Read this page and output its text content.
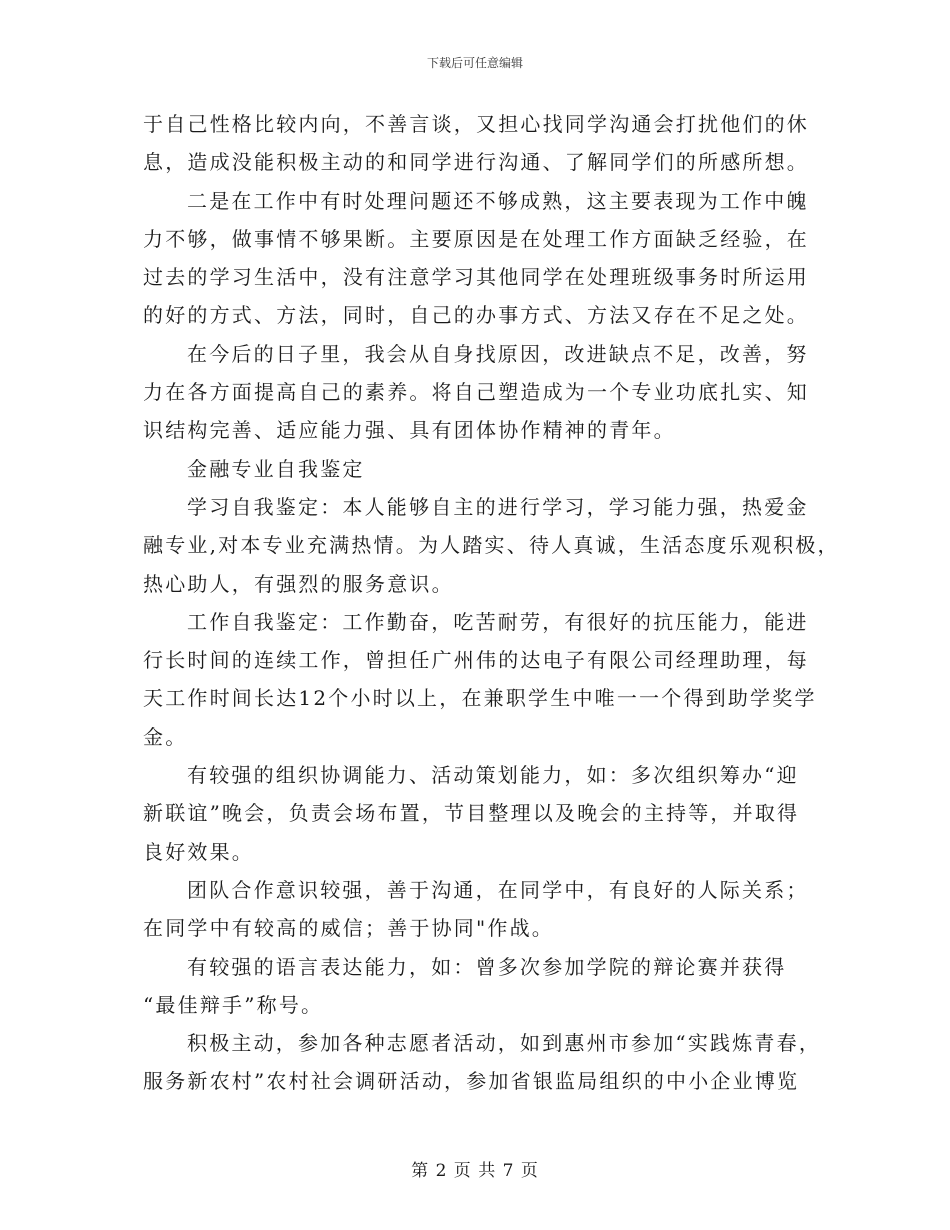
下载后可任意编辑
于自己性格比较内向，不善言谈，又担心找同学沟通会打扰他们的休
息，造成没能积极主动的和同学进行沟通、了解同学们的所感所想。
二是在工作中有时处理问题还不够成熟，这主要表现为工作中魄
力不够，做事情不够果断。主要原因是在处理工作方面缺乏经验，在
过去的学习生活中，没有注意学习其他同学在处理班级事务时所运用
的好的方式、方法，同时，自己的办事方式、方法又存在不足之处。
在今后的日子里，我会从自身找原因，改进缺点不足，改善，努
力在各方面提高自己的素养。将自己塑造成为一个专业功底扎实、知
识结构完善、适应能力强、具有团体协作精神的青年。
金融专业自我鉴定
学习自我鉴定：本人能够自主的进行学习，学习能力强，热爱金
融专业,对本专业充满热情。为人踏实、待人真诚，生活态度乐观积极，
热心助人，有强烈的服务意识。
工作自我鉴定：工作勤奋，吃苦耐劳，有很好的抗压能力，能进
行长时间的连续工作，曾担任广州伟的达电子有限公司经理助理，每
天工作时间长达12个小时以上，在兼职学生中唯一一个得到助学奖学
金。
有较强的组织协调能力、活动策划能力，如：多次组织筹办“迎
新联谊”晚会，负责会场布置，节目整理以及晚会的主持等，并取得
良好效果。
团队合作意识较强，善于沟通，在同学中，有良好的人际关系；
在同学中有较高的威信；善于协同"作战。
有较强的语言表达能力，如：曾多次参加学院的辩论赛并获得
“最佳辩手”称号。
积极主动，参加各种志愿者活动，如到惠州市参加“实践炼青春，
服务新农村”农村社会调研活动，参加省银监局组织的中小企业博览
第 2 页 共 7 页
